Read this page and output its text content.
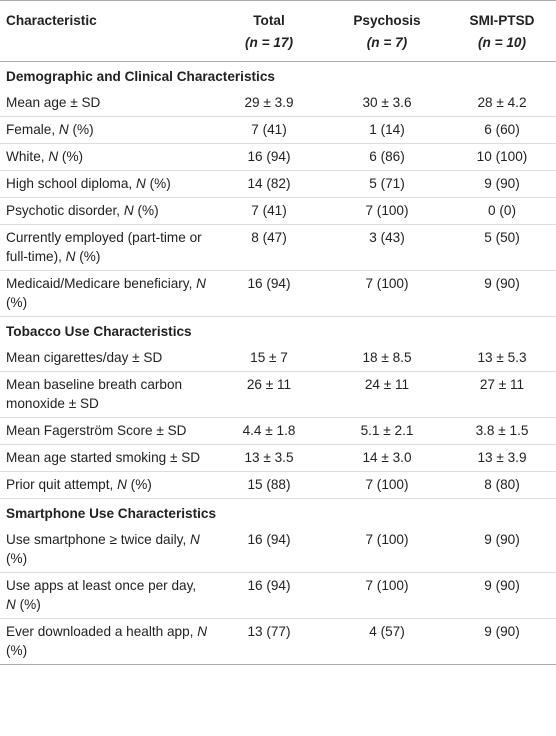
Characteristic	Total	Psychosis	SMI-PTSD
	(n = 17)	(n = 7)	(n = 10)
Demographic and Clinical Characteristics			
Mean age ± SD	29 ± 3.9	30 ± 3.6	28 ± 4.2
Female, N (%)	7 (41)	1 (14)	6 (60)
White, N (%)	16 (94)	6 (86)	10 (100)
High school diploma, N (%)	14 (82)	5 (71)	9 (90)
Psychotic disorder, N (%)	7 (41)	7 (100)	0 (0)
Currently employed (part-time or full-time), N (%)	8 (47)	3 (43)	5 (50)
Medicaid/Medicare beneficiary, N (%)	16 (94)	7 (100)	9 (90)
Tobacco Use Characteristics			
Mean cigarettes/day ± SD	15 ± 7	18 ± 8.5	13 ± 5.3
Mean baseline breath carbon monoxide ± SD	26 ± 11	24 ± 11	27 ± 11
Mean Fagerström Score ± SD	4.4 ± 1.8	5.1 ± 2.1	3.8 ± 1.5
Mean age started smoking ± SD	13 ± 3.5	14 ± 3.0	13 ± 3.9
Prior quit attempt, N (%)	15 (88)	7 (100)	8 (80)
Smartphone Use Characteristics			
Use smartphone ≥ twice daily, N (%)	16 (94)	7 (100)	9 (90)
Use apps at least once per day, N (%)	16 (94)	7 (100)	9 (90)
Ever downloaded a health app, N (%)	13 (77)	4 (57)	9 (90)
